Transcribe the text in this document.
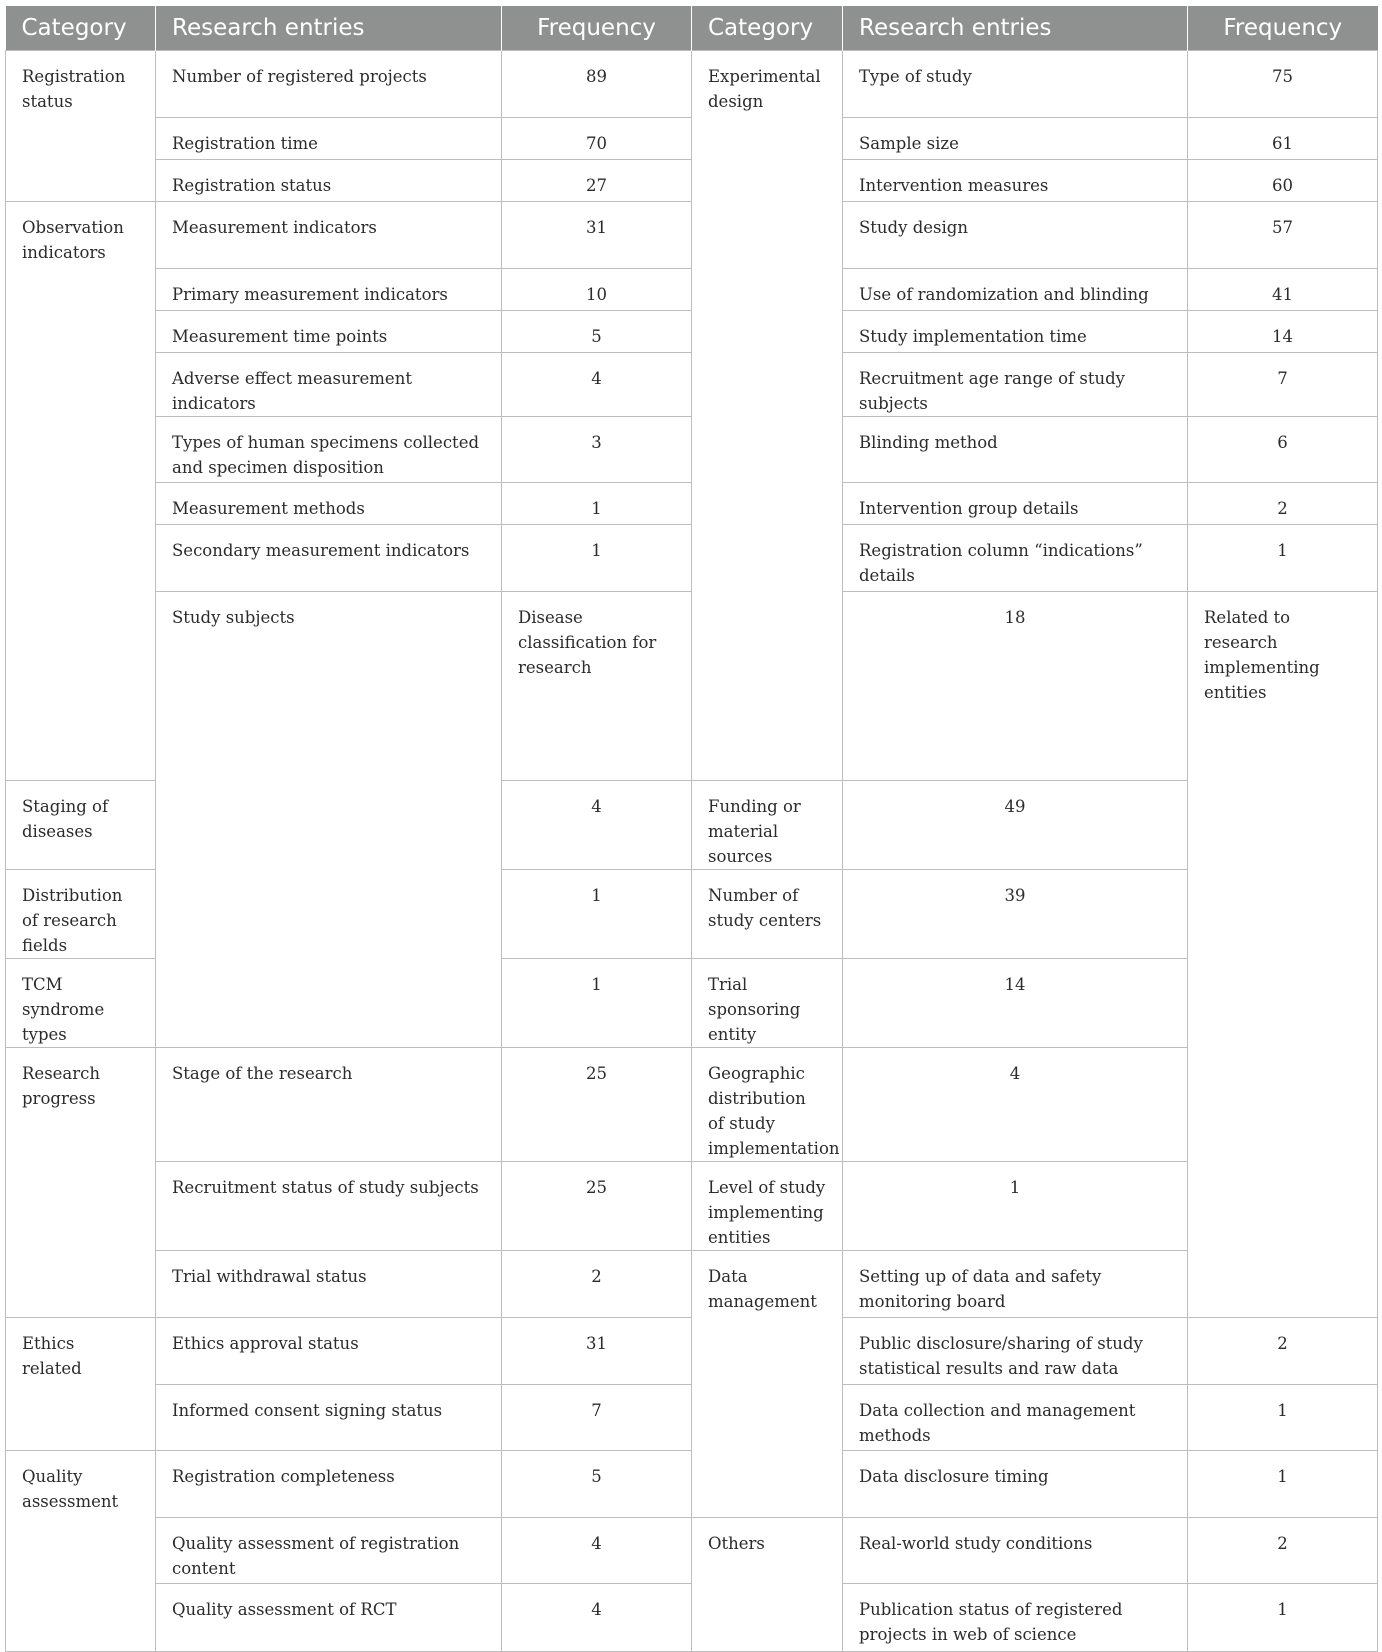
Category	Research entries	Frequency	Category	Research entries	Frequency	
Registration status	Number of registered projects	89	Experimental design	Type of study	75	
	Registration time	70		Sample size	61	
	Registration status	27		Intervention measures	60	
Observation indicators	Measurement indicators	31		Study design	57	
	Primary measurement indicators	10		Use of randomization and blinding	41	
	Measurement time points	5		Study implementation time	14	
	Adverse effect measurement indicators	4		Recruitment age range of study subjects	7	
	Types of human specimens collected and specimen disposition	3		Blinding method	6	
	Measurement methods	1		Intervention group details	2	
	Secondary measurement indicators	1		Registration column “indications” details	1	
	Study subjects	Disease classification for research		18	Related to research implementing entities		
Staging of diseases		4	Funding or material sources	49		
Distribution of research fields		1	Number of study centers	39		
TCM syndrome types		1	Trial sponsoring entity	14		
Research progress	Stage of the research	25	Geographic distribution of study implementation	4		
	Recruitment status of study subjects	25	Level of study implementing entities	1		
	Trial withdrawal status	2	Data management	Setting up of data and safety monitoring board	
Ethics related	Ethics approval status	31		Public disclosure/sharing of study statistical results and raw data	2	
	Informed consent signing status	7		Data collection and management methods	1	
Quality assessment	Registration completeness	5		Data disclosure timing	1	
	Quality assessment of registration content	4	Others	Real-world study conditions	2	
	Quality assessment of RCT	4		Publication status of registered projects in web of science	1	
